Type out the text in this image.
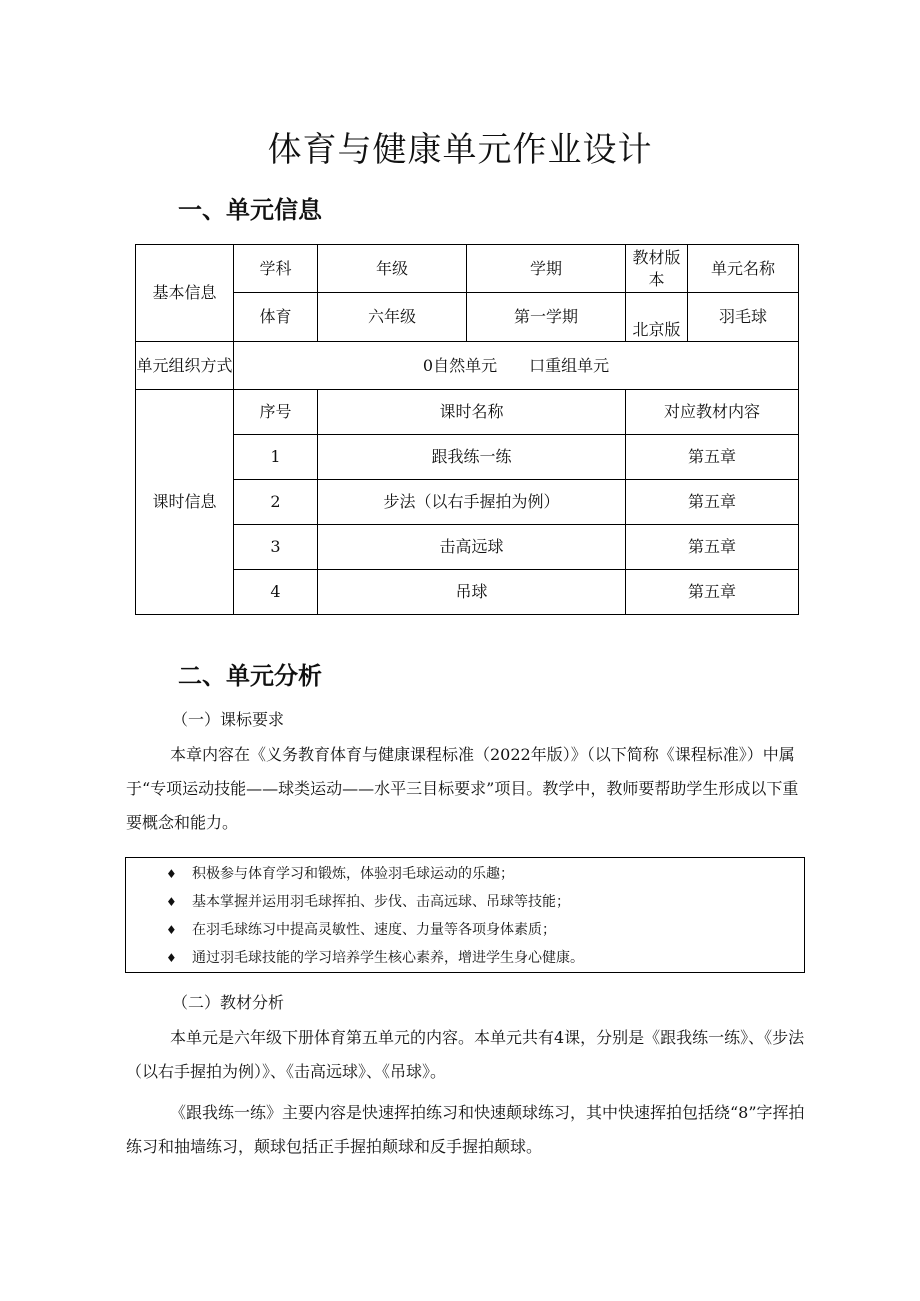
体育与健康单元作业设计
一、单元信息
基本信息	学科	年级	学期	教材版本	单元名称
	体育	六年级	第一学期	北京版	羽毛球
单元组织方式	0自然单元　　口重组单元				
课时信息	序号	课时名称		对应教材内容	
	1	跟我练一练		第五章	
	2	步法（以右手握拍为例）		第五章	
	3	击高远球		第五章	
	4	吊球		第五章	
二、单元分析
（一）课标要求
本章内容在《义务教育体育与健康课程标准（2022年版）》（以下简称《课程标准》）中属于“专项运动技能——球类运动——水平三目标要求”项目。教学中，教师要帮助学生形成以下重要概念和能力。
♦ 积极参与体育学习和锻炼，体验羽毛球运动的乐趣；
♦ 基本掌握并运用羽毛球挥拍、步伐、击高远球、吊球等技能；
♦ 在羽毛球练习中提高灵敏性、速度、力量等各项身体素质；
♦ 通过羽毛球技能的学习培养学生核心素养，增进学生身心健康。
（二）教材分析
本单元是六年级下册体育第五单元的内容。本单元共有4课，分别是《跟我练一练》、《步法（以右手握拍为例）》、《击高远球》、《吊球》。
《跟我练一练》主要内容是快速挥拍练习和快速颠球练习，其中快速挥拍包括绕“8”字挥拍练习和抽墙练习，颠球包括正手握拍颠球和反手握拍颠球。
